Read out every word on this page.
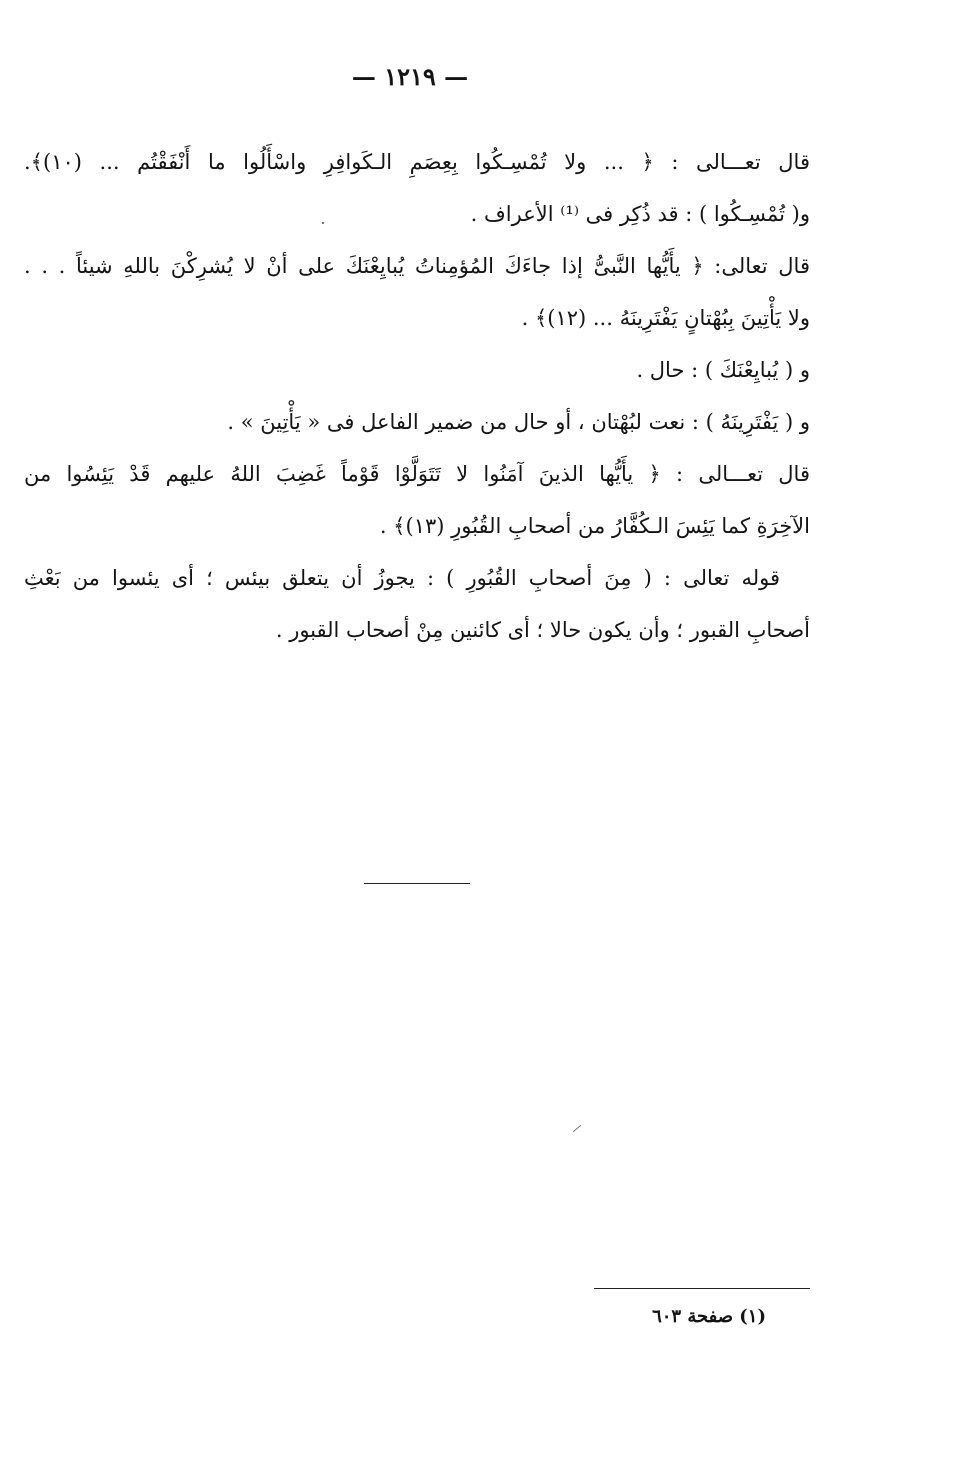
— ١٢١٩ —
قال تعـــالى : ﴿ ... ولا تُمْسِـكُوا بِعِصَمِ الـكَوافِرِ واسْأَلُوا ما أَنْفَقْتُم ... (١٠)﴾.
و( تُمْسِـكُوا ) : قد ذُكِر فى ⁽¹⁾ الأعراف .
قال تعالى: ﴿ يأَيُّها النَّبىُّ إذا جاءَكَ المُؤمِناتُ يُبايِعْنَكَ على أنْ لا يُشرِكْنَ باللهِ شيئاً . . .
ولا يَأْتِينَ بِبُهْتانٍ يَفْتَرِينَهُ ... (١٢)﴾ .
و ( يُبايِعْنَكَ ) : حال .
و ( يَفْتَرِينَهُ ) : نعت لبُهْتان ، أو حال من ضمير الفاعل فى « يَأْتِينَ » .
قال تعـــالى : ﴿ يأَيُّها الذينَ آمَنُوا لا تَتَوَلَّوْا قَوْماً غَضِبَ اللهُ عليهم قَدْ يَئِسُوا من
الآخِرَةِ كما يَئِسَ الـكُفَّارُ من أصحابِ القُبُورِ (١٣)﴾ .
قوله تعالى : ( مِنَ أصحابِ القُبُورِ ) : يجوزُ أن يتعلق بيئس ؛ أى يئسوا من بَعْثِ
أصحابِ القبور ؛ وأن يكون حالا ؛ أى كائنين مِنْ أصحاب القبور .
(١) صفحة ٦٠٣
